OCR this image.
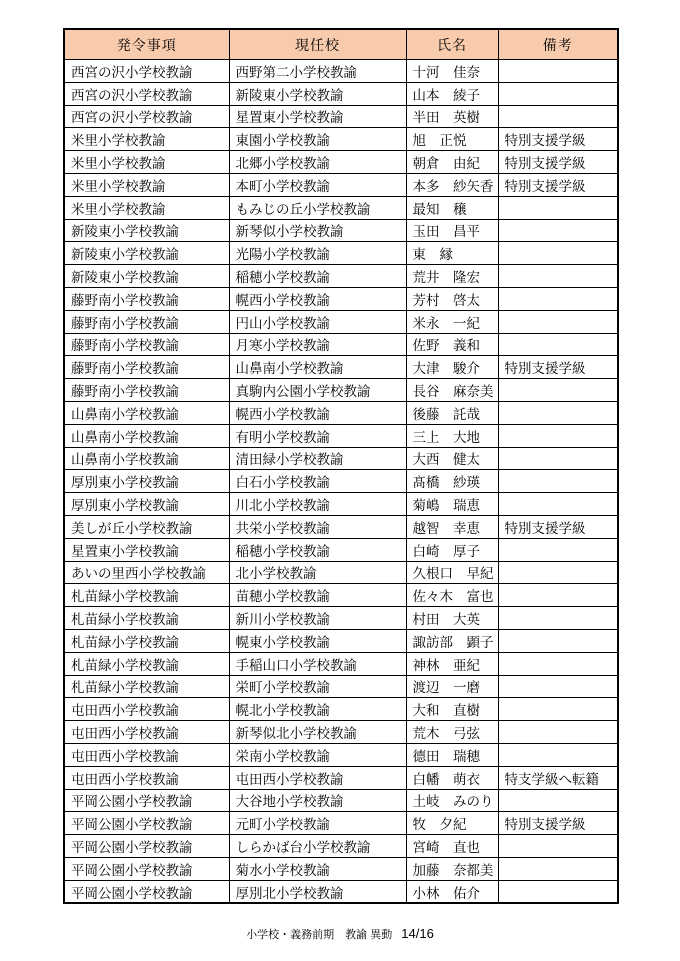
発令事項	現任校	氏名	備考
西宮の沢小学校教諭	西野第二小学校教諭	十河　佳奈	
西宮の沢小学校教諭	新陵東小学校教諭	山本　綾子	
西宮の沢小学校教諭	星置東小学校教諭	半田　英樹	
米里小学校教諭	東園小学校教諭	旭　正悦	特別支援学級
米里小学校教諭	北郷小学校教諭	朝倉　由紀	特別支援学級
米里小学校教諭	本町小学校教諭	本多　紗矢香	特別支援学級
米里小学校教諭	もみじの丘小学校教諭	最知　穣	
新陵東小学校教諭	新琴似小学校教諭	玉田　昌平	
新陵東小学校教諭	光陽小学校教諭	東　縁	
新陵東小学校教諭	稲穂小学校教諭	荒井　隆宏	
藤野南小学校教諭	幌西小学校教諭	芳村　啓太	
藤野南小学校教諭	円山小学校教諭	米永　一紀	
藤野南小学校教諭	月寒小学校教諭	佐野　義和	
藤野南小学校教諭	山鼻南小学校教諭	大津　駿介	特別支援学級
藤野南小学校教諭	真駒内公園小学校教諭	長谷　麻奈美	
山鼻南小学校教諭	幌西小学校教諭	後藤　託哉	
山鼻南小学校教諭	有明小学校教諭	三上　大地	
山鼻南小学校教諭	清田緑小学校教諭	大西　健太	
厚別東小学校教諭	白石小学校教諭	髙橋　紗瑛	
厚別東小学校教諭	川北小学校教諭	菊嶋　瑞恵	
美しが丘小学校教諭	共栄小学校教諭	越智　幸恵	特別支援学級
星置東小学校教諭	稲穂小学校教諭	白崎　厚子	
あいの里西小学校教諭	北小学校教諭	久根口　早紀	
札苗緑小学校教諭	苗穂小学校教諭	佐々木　富也	
札苗緑小学校教諭	新川小学校教諭	村田　大英	
札苗緑小学校教諭	幌東小学校教諭	諏訪部　顕子	
札苗緑小学校教諭	手稲山口小学校教諭	神林　亜紀	
札苗緑小学校教諭	栄町小学校教諭	渡辺　一磨	
屯田西小学校教諭	幌北小学校教諭	大和　直樹	
屯田西小学校教諭	新琴似北小学校教諭	荒木　弓弦	
屯田西小学校教諭	栄南小学校教諭	德田　瑞穂	
屯田西小学校教諭	屯田西小学校教諭	白幡　萌衣	特支学級へ転籍
平岡公園小学校教諭	大谷地小学校教諭	土岐　みのり	
平岡公園小学校教諭	元町小学校教諭	牧　夕紀	特別支援学級
平岡公園小学校教諭	しらかば台小学校教諭	宮崎　直也	
平岡公園小学校教諭	菊水小学校教諭	加藤　奈都美	
平岡公園小学校教諭	厚別北小学校教諭	小林　佑介	
小学校・義務前期　教諭 異動 14/16
